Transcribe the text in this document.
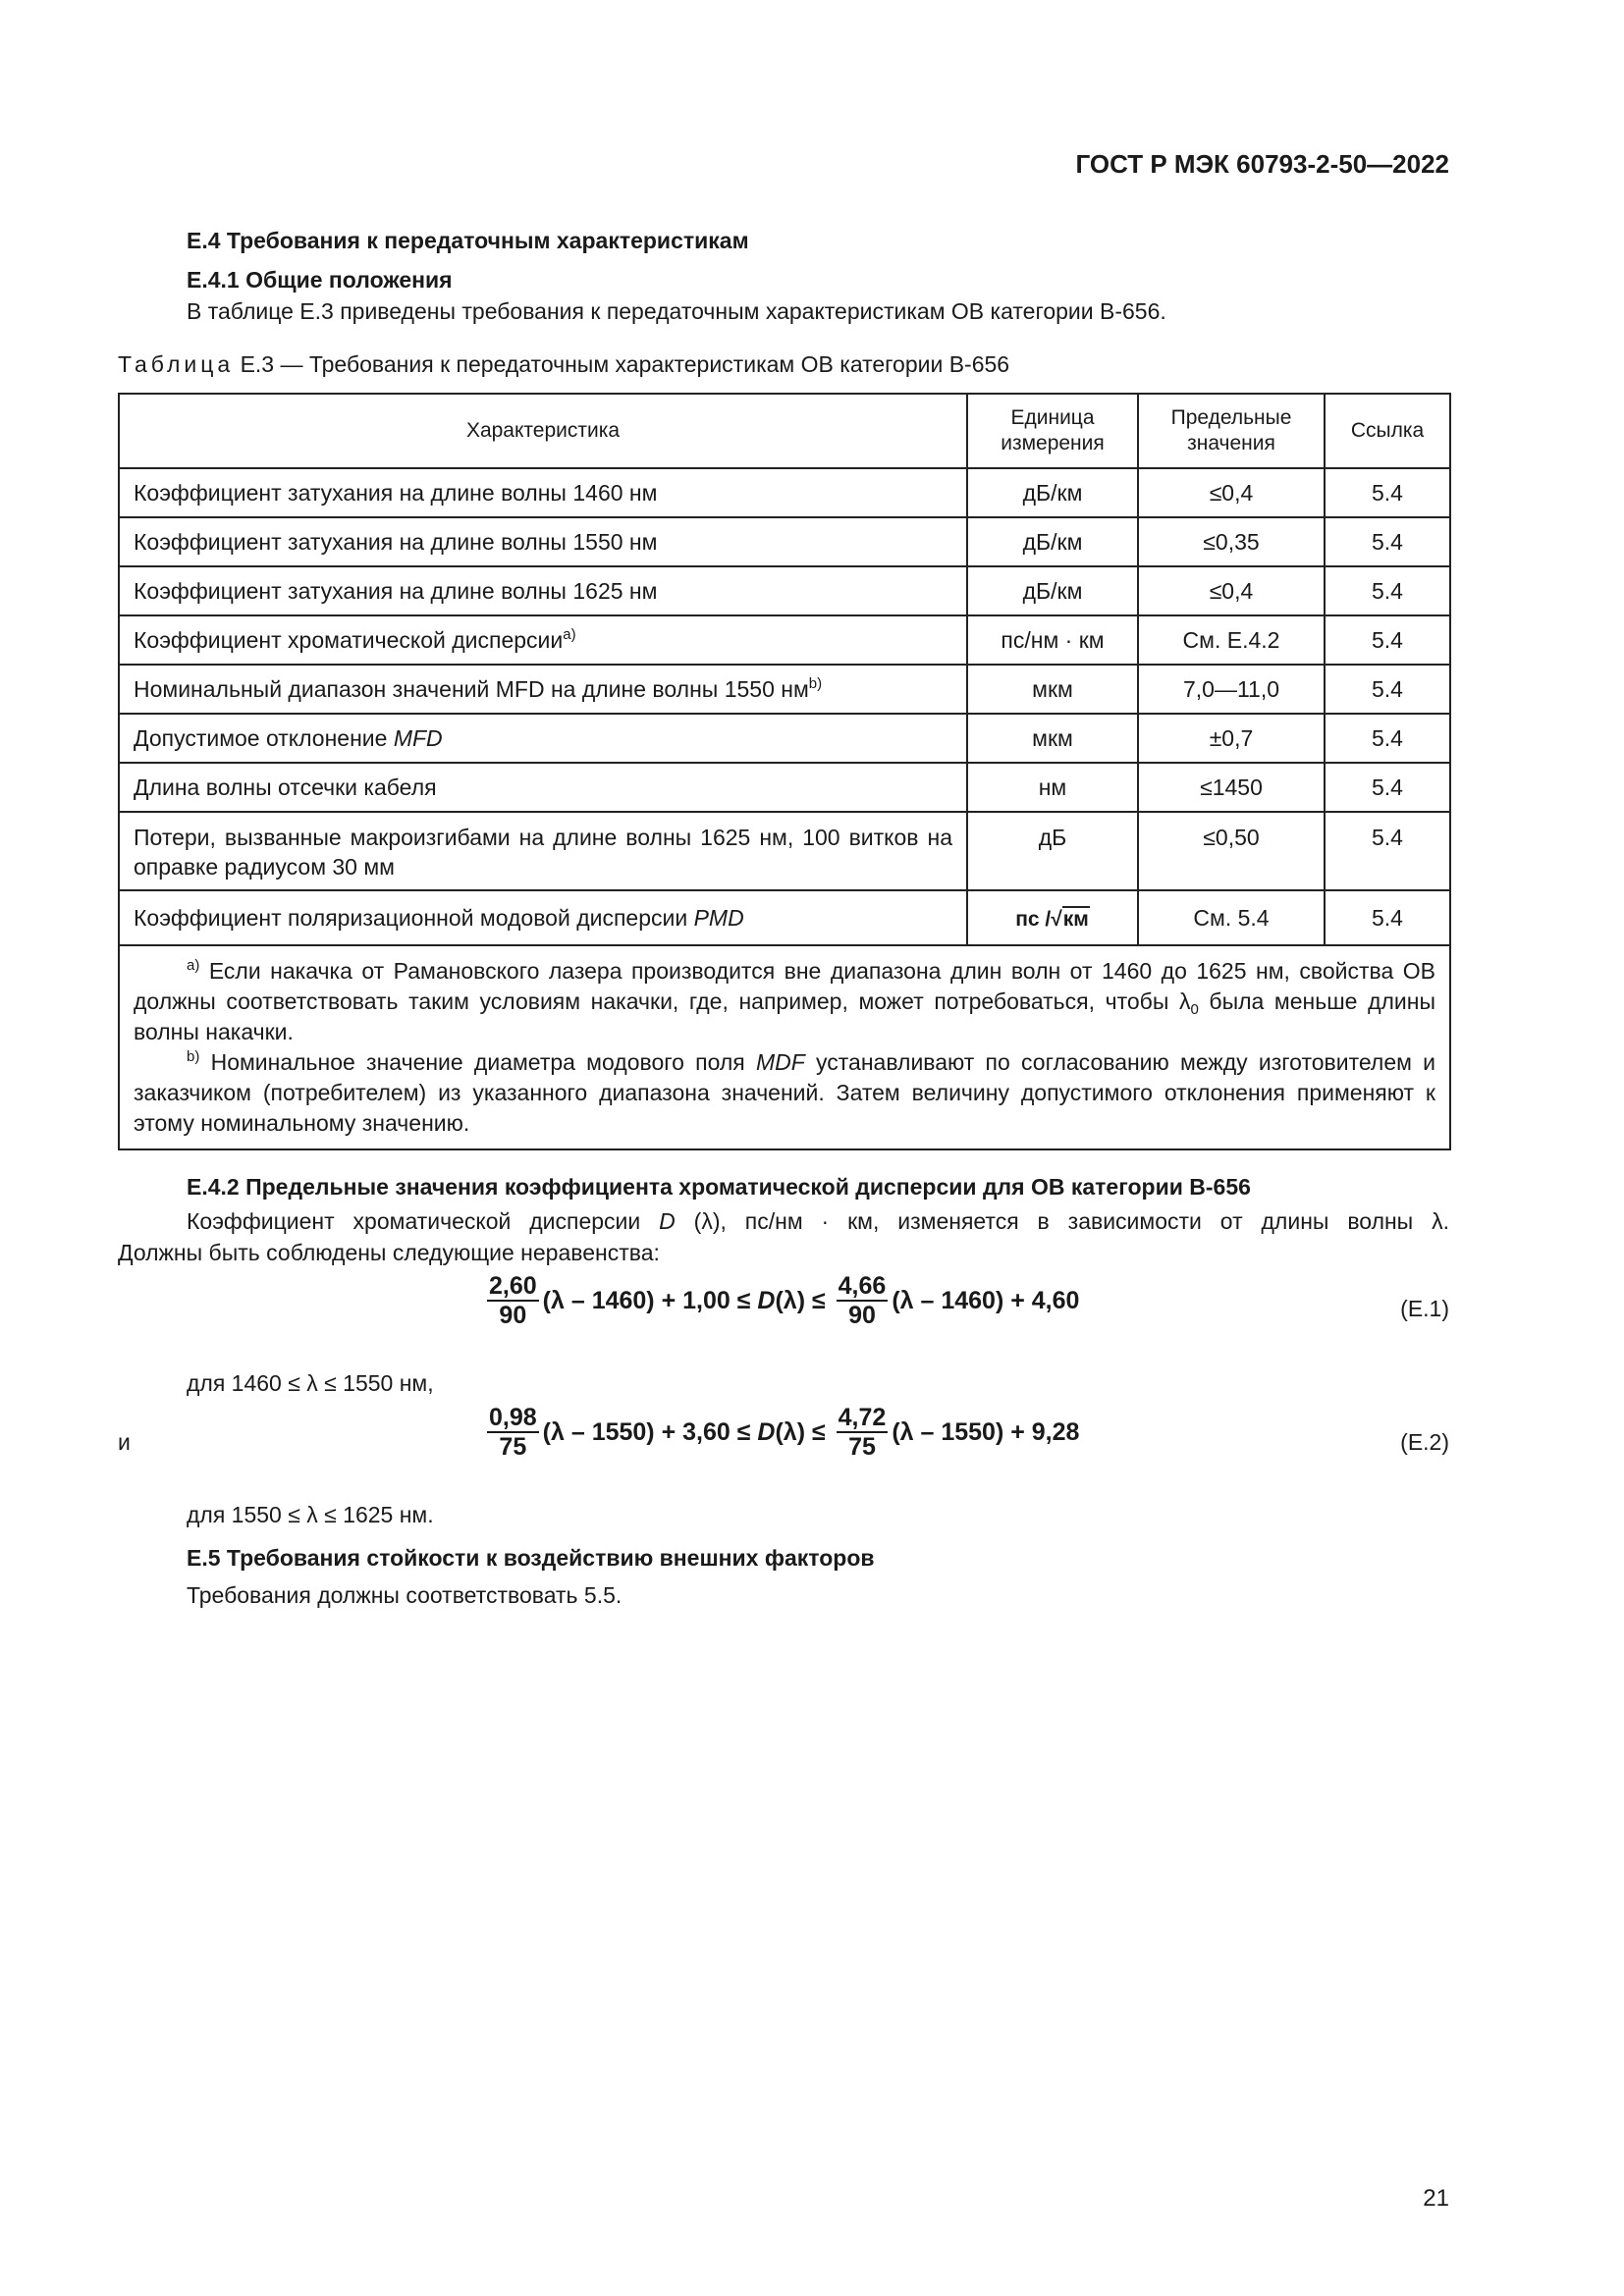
ГОСТ Р МЭК 60793-2-50—2022
Е.4 Требования к передаточным характеристикам
Е.4.1 Общие положения
В таблице Е.3 приведены требования к передаточным характеристикам ОВ категории В-656.
Таблица Е.3 — Требования к передаточным характеристикам ОВ категории В-656
Характеристика	Единица измерения	Предельные значения	Ссылка
Коэффициент затухания на длине волны 1460 нм	дБ/км	≤0,4	5.4
Коэффициент затухания на длине волны 1550 нм	дБ/км	≤0,35	5.4
Коэффициент затухания на длине волны 1625 нм	дБ/км	≤0,4	5.4
Коэффициент хроматической дисперсии$^{a)}$	пс/нм · км	См. Е.4.2	5.4
Номинальный диапазон значений MFD на длине волны 1550 $нм^{b)}$	мкм	7,0—11,0	5.4
Допустимое отклонение MFD	мкм	±0,7	5.4
Длина волны отсечки кабеля	нм	≤1450	5.4
Потери, вызванные макроизгибами на длине волны 1625 нм, 100 витков на оправке радиусом 30 мм	дБ	≤0,50	5.4
Коэффициент поляризационной модовой дисперсии PMD	пс /√км	См. 5.4	5.4

$^{a)}$ Если накачка от Рамановского лазера производится вне диапазона длин волн от 1460 до 1625 нм, свойства ОВ должны соответствовать таким условиям накачки, где, например, может потребоваться, чтобы $\lambda_0$ была меньше длины волны накачки.
$^{b)}$ Номинальное значение диаметра модового поля MDF устанавливают по согласованию между изготовителем и заказчиком (потребителем) из указанного диапазона значений. Затем величину допустимого отклонения применяют к этому номинальному значению.			
Е.4.2 Предельные значения коэффициента хроматической дисперсии для ОВ категории В-656
Коэффициент хроматической дисперсии D (λ), пс/нм · км, изменяется в зависимости от длины волны λ.
Должны быть соблюдены следующие неравенства:
$\frac{2,60}{90} (\lambda - 1460) + 1,00 \le D$ $(\lambda) \le \frac{4,66}{90} (\lambda - 1460) + 4,60$	(Е.1)
для 1460 ≤ λ ≤ 1550 нм,
и	$\frac{0,98}{75} (\lambda - 1550) + 3,60 \le D$ $(\lambda) \le \frac{4,72}{75} (\lambda - 1550) + 9,28$	(Е.2)
для 1550 ≤ λ ≤ 1625 нм.
Е.5 Требования стойкости к воздействию внешних факторов
Требования должны соответствовать 5.5.
21
